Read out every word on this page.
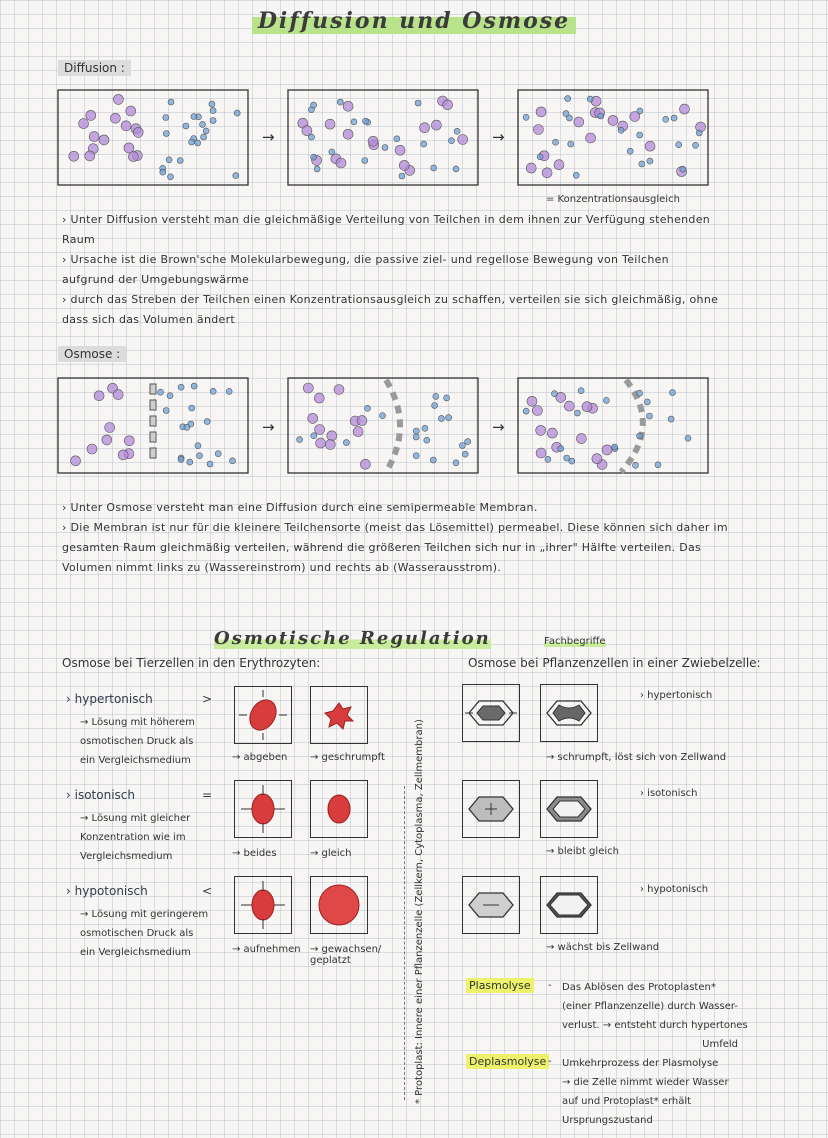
Diffusion und Osmose
Diffusion :
→	→
= Konzentrationsausgleich

› Unter Diffusion versteht man die gleichmäßige Verteilung von Teilchen in dem ihnen zur Verfügung stehenden Raum

› Ursache ist die Brown'sche Molekularbewegung, die passive ziel- und regellose Bewegung von Teilchen aufgrund der Umgebungswärme

› durch das Streben der Teilchen einen Konzentrationsausgleich zu schaffen, verteilen sie sich gleichmäßig, ohne dass sich das Volumen ändert

Osmose :
→	→

› Unter Osmose versteht man eine Diffusion durch eine semipermeable Membran.

› Die Membran ist nur für die kleinere Teilchensorte (meist das Lösemittel) permeabel. Diese können sich daher im gesamten Raum gleichmäßig verteilen, während die größeren Teilchen sich nur in „ihrer" Hälfte verteilen. Das Volumen nimmt links zu (Wassereinstrom) und rechts ab (Wasserausstrom).

Osmotische Regulation	Fachbegriffe
Osmose bei Tierzellen in den Erythrozyten:	Osmose bei Pflanzenzellen in einer Zwiebelzelle:
› hypertonisch	>
→ Lösung mit höherem
osmotischen Druck als
ein Vergleichsmedium	→ abgeben → geschrumpft
› isotonisch	=
→ Lösung mit gleicher
Konzentration wie im
Vergleichsmedium	→ beides	→ gleich
› hypotonisch	<
→ Lösung mit geringerem
osmotischen Druck als
ein Vergleichsmedium	→ aufnehmen → gewachsen/ geplatzt	* Protoplast: Innere einer Pflanzenzelle (Zellkern, Cytoplasma, Zellmembran)
› hypertonisch
→ schrumpft, löst sich von Zellwand
› isotonisch
→ bleibt gleich
› hypotonisch
→ wächst bis Zellwand
Plasmolyse	- Das Ablösen des Protoplasten*
(einer Pflanzenzelle) durch Wasser-
verlust. → entsteht durch hypertones
Umfeld
Deplasmolyse - Umkehrprozess der Plasmolyse
→ die Zelle nimmt wieder Wasser
auf und Protoplast* erhält
Ursprungszustand
